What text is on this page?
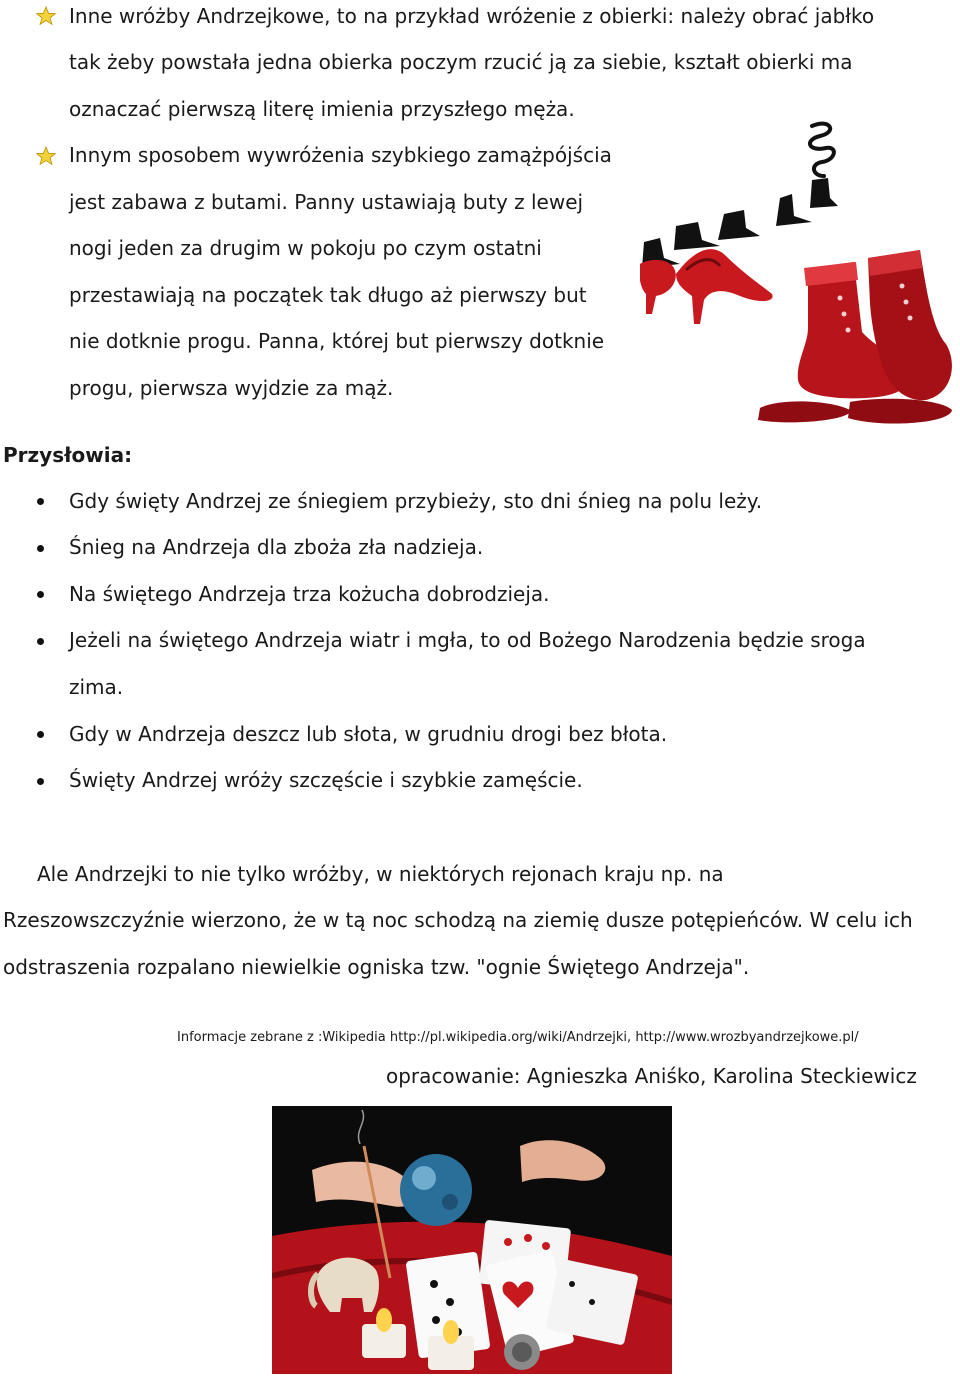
Inne wróżby Andrzejkowe, to na przykład wróżenie z obierki: należy obrać jabłko
tak żeby powstała jedna obierka poczym rzucić ją za siebie, kształt obierki ma
oznaczać pierwszą literę imienia przyszłego męża.
Innym sposobem wywróżenia szybkiego zamążpójścia
jest zabawa z butami. Panny ustawiają buty z lewej
nogi jeden za drugim w pokoju po czym ostatni
przestawiają na początek tak długo aż pierwszy but
nie dotknie progu. Panna, której but pierwszy dotknie
progu, pierwsza wyjdzie za mąż.
Przysłowia:
Gdy święty Andrzej ze śniegiem przybieży, sto dni śnieg na polu leży.
Śnieg na Andrzeja dla zboża zła nadzieja.
Na świętego Andrzeja trza kożucha dobrodzieja.
Jeżeli na świętego Andrzeja wiatr i mgła, to od Bożego Narodzenia będzie sroga
zima.
Gdy w Andrzeja deszcz lub słota, w grudniu drogi bez błota.
Święty Andrzej wróży szczęście i szybkie zamęście.
Ale Andrzejki to nie tylko wróżby, w niektórych rejonach kraju np. na
Rzeszowszczyźnie wierzono, że w tą noc schodzą na ziemię dusze potępieńców. W celu ich
odstraszenia rozpalano niewielkie ogniska tzw. "ognie Świętego Andrzeja".
Informacje zebrane z :Wikipedia http://pl.wikipedia.org/wiki/Andrzejki, http://www.wrozbyandrzejkowe.pl/
opracowanie: Agnieszka Aniśko, Karolina Steckiewicz
